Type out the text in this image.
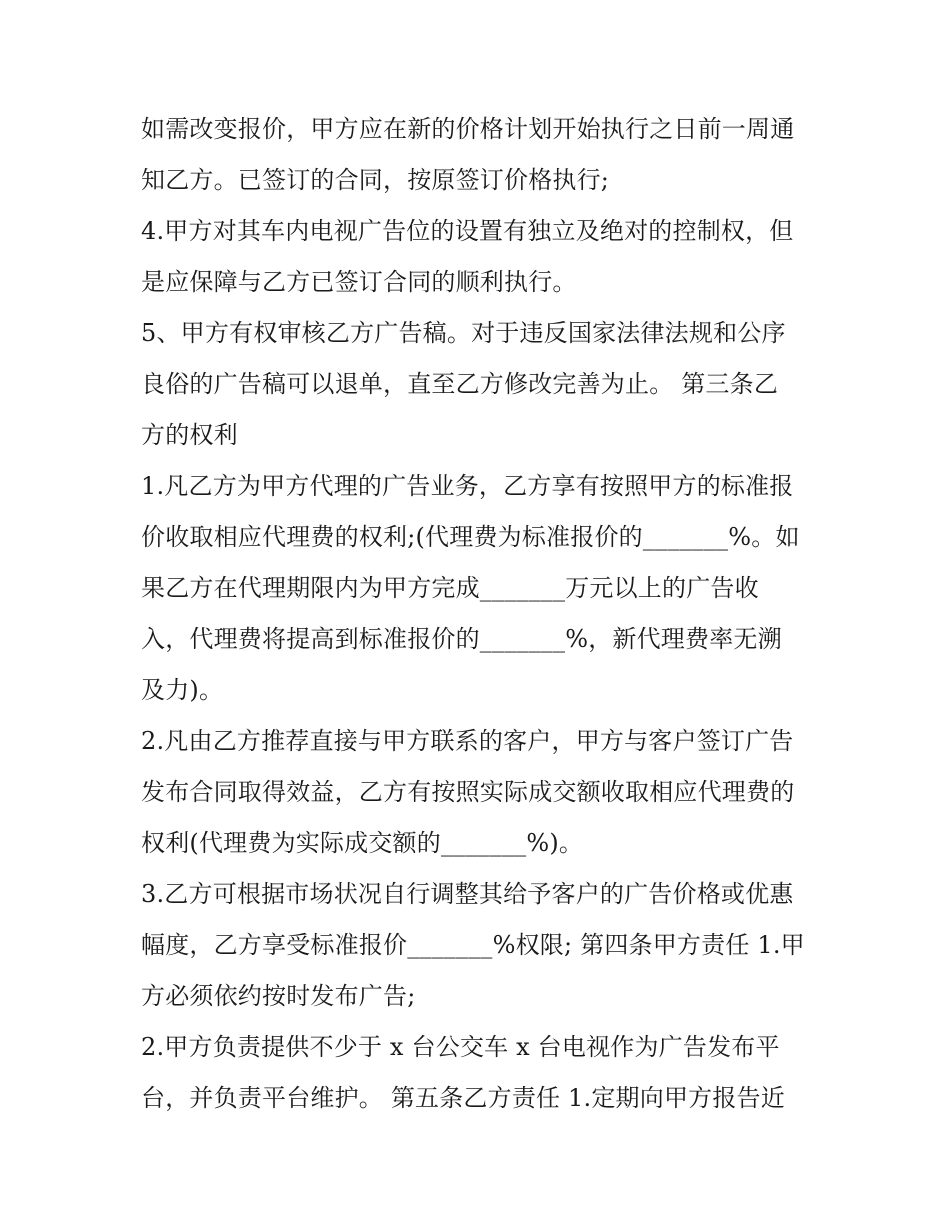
如需改变报价，甲方应在新的价格计划开始执行之日前一周通
知乙方。已签订的合同，按原签订价格执行;
4.甲方对其车内电视广告位的设置有独立及绝对的控制权，但
是应保障与乙方已签订合同的顺利执行。
5、甲方有权审核乙方广告稿。对于违反国家法律法规和公序
良俗的广告稿可以退单，直至乙方修改完善为止。 第三条乙
方的权利
1.凡乙方为甲方代理的广告业务，乙方享有按照甲方的标准报
价收取相应代理费的权利;(代理费为标准报价的_______%。如
果乙方在代理期限内为甲方完成_______万元以上的广告收
入，代理费将提高到标准报价的_______%，新代理费率无溯
及力)。
2.凡由乙方推荐直接与甲方联系的客户，甲方与客户签订广告
发布合同取得效益，乙方有按照实际成交额收取相应代理费的
权利(代理费为实际成交额的_______%)。
3.乙方可根据市场状况自行调整其给予客户的广告价格或优惠
幅度，乙方享受标准报价_______%权限; 第四条甲方责任 1.甲
方必须依约按时发布广告;
2.甲方负责提供不少于 x 台公交车 x 台电视作为广告发布平
台，并负责平台维护。 第五条乙方责任 1.定期向甲方报告近
